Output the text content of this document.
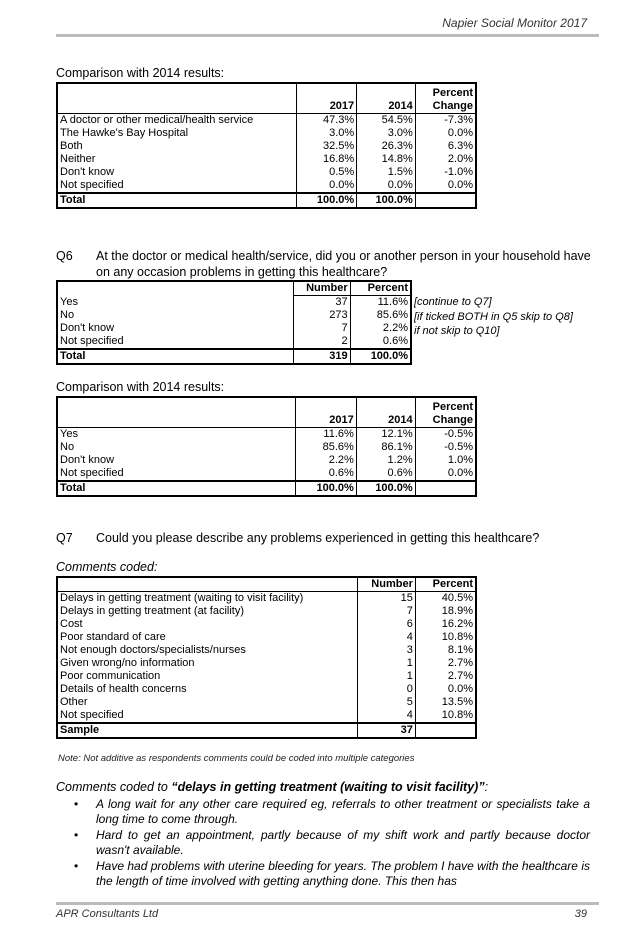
Napier Social Monitor 2017
Comparison with 2014 results:
	2017	2014	Percent
Change
A doctor or other medical/health service	47.3%	54.5%	-7.3%
The Hawke's Bay Hospital	3.0%	3.0%	0.0%
Both	32.5%	26.3%	6.3%
Neither	16.8%	14.8%	2.0%
Don't know	0.5%	1.5%	-1.0%
Not specified	0.0%	0.0%	0.0%
Total	100.0%	100.0%	
Q6	At the doctor or medical health/service, did you or another person in your household have on any occasion problems in getting this healthcare?
	Number	Percent
Yes	37	11.6%
No	273	85.6%
Don't know	7	2.2%
Not specified	2	0.6%
Total	319	100.0%
[continue to Q7]
[if ticked BOTH in Q5 skip to Q8]
if not skip to Q10]
Comparison with 2014 results:
	2017	2014	Percent
Change
Yes	11.6%	12.1%	-0.5%
No	85.6%	86.1%	-0.5%
Don't know	2.2%	1.2%	1.0%
Not specified	0.6%	0.6%	0.0%
Total	100.0%	100.0%	
Q7 Could you please describe any problems experienced in getting this healthcare?
Comments coded:
	Number	Percent
Delays in getting treatment (waiting to visit facility)	15	40.5%
Delays in getting treatment (at facility)	7	18.9%
Cost	6	16.2%
Poor standard of care	4	10.8%
Not enough doctors/specialists/nurses	3	8.1%
Given wrong/no information	1	2.7%
Poor communication	1	2.7%
Details of health concerns	0	0.0%
Other	5	13.5%
Not specified	4	10.8%
Sample	37	
Note: Not additive as respondents comments could be coded into multiple categories
Comments coded to “delays in getting treatment (waiting to visit facility)”:
• A long wait for any other care required eg, referrals to other treatment or specialists take a long time to come through.
• Hard to get an appointment, partly because of my shift work and partly because doctor wasn't available.
• Have had problems with uterine bleeding for years. The problem I have with the healthcare is the length of time involved with getting anything done. This then has
APR Consultants Ltd	39
